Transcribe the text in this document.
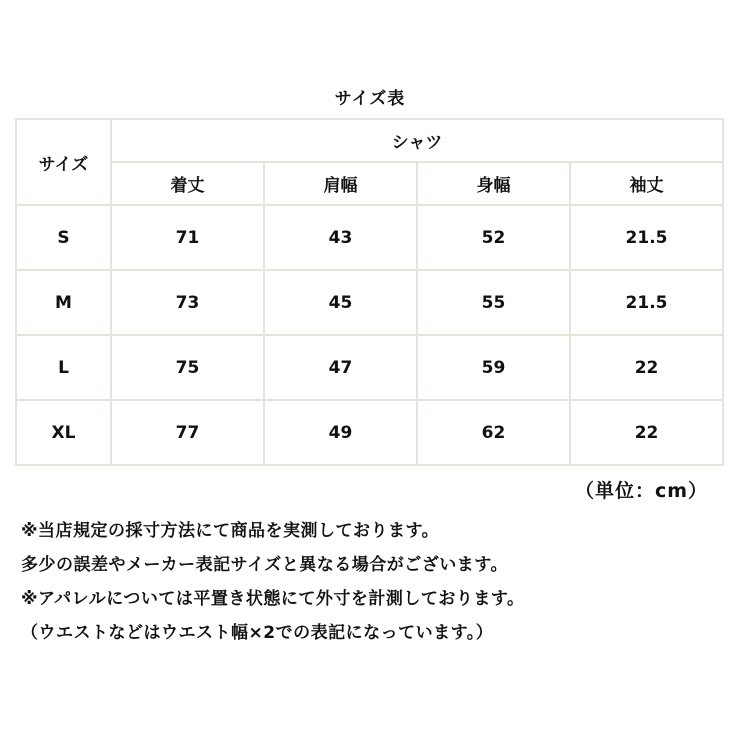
サイズ表
サイズ	シャツ			
	着丈	肩幅	身幅	袖丈
S	71	43	52	21.5
M	73	45	55	21.5
L	75	47	59	22
XL	77	49	62	22
（単位：cm）
※当店規定の採寸方法にて商品を実測しております。
多少の誤差やメーカー表記サイズと異なる場合がございます。
※アパレルについては平置き状態にて外寸を計測しております。
（ウエストなどはウエスト幅×2での表記になっています。）
